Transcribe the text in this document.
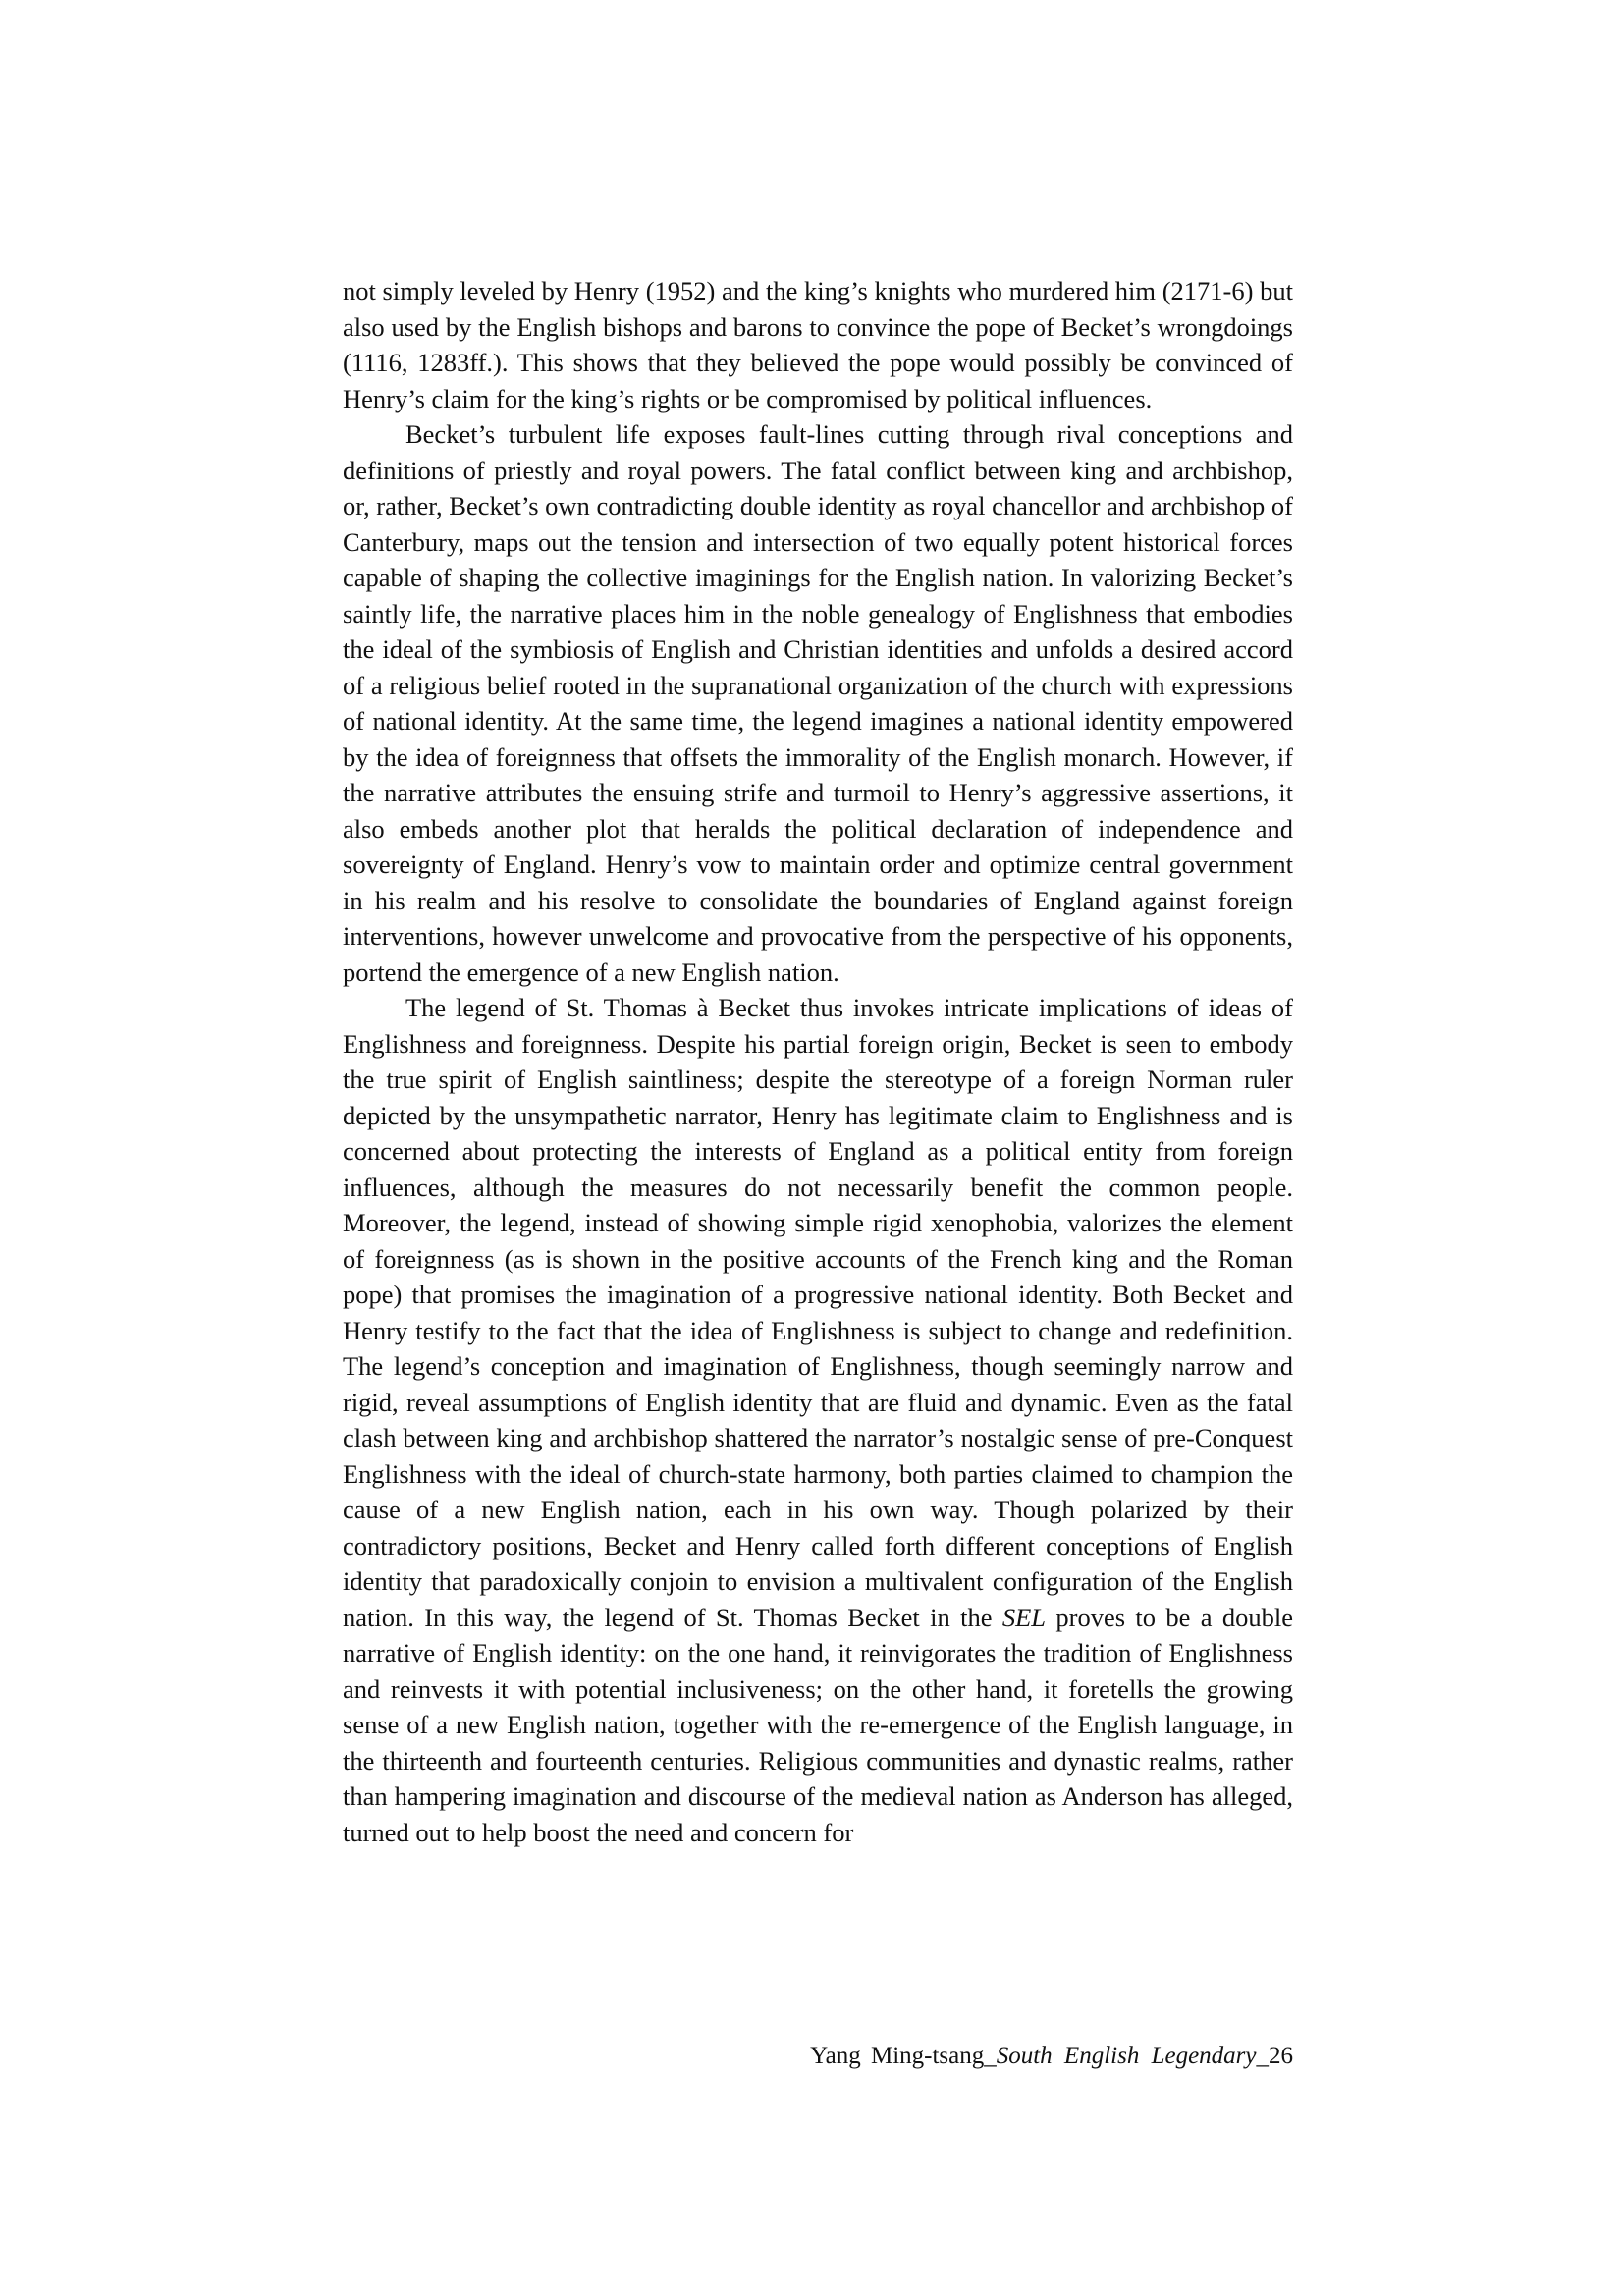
not simply leveled by Henry (1952) and the king’s knights who murdered him (2171-6) but also used by the English bishops and barons to convince the pope of Becket’s wrongdoings (1116, 1283ff.). This shows that they believed the pope would possibly be convinced of Henry’s claim for the king’s rights or be compromised by political influences.

Becket’s turbulent life exposes fault-lines cutting through rival conceptions and definitions of priestly and royal powers. The fatal conflict between king and archbishop, or, rather, Becket’s own contradicting double identity as royal chancellor and archbishop of Canterbury, maps out the tension and intersection of two equally potent historical forces capable of shaping the collective imaginings for the English nation. In valorizing Becket’s saintly life, the narrative places him in the noble genealogy of Englishness that embodies the ideal of the symbiosis of English and Christian identities and unfolds a desired accord of a religious belief rooted in the supranational organization of the church with expressions of national identity. At the same time, the legend imagines a national identity empowered by the idea of foreignness that offsets the immorality of the English monarch. However, if the narrative attributes the ensuing strife and turmoil to Henry’s aggressive assertions, it also embeds another plot that heralds the political declaration of independence and sovereignty of England. Henry’s vow to maintain order and optimize central government in his realm and his resolve to consolidate the boundaries of England against foreign interventions, however unwelcome and provocative from the perspective of his opponents, portend the emergence of a new English nation.

The legend of St. Thomas à Becket thus invokes intricate implications of ideas of Englishness and foreignness. Despite his partial foreign origin, Becket is seen to embody the true spirit of English saintliness; despite the stereotype of a foreign Norman ruler depicted by the unsympathetic narrator, Henry has legitimate claim to Englishness and is concerned about protecting the interests of England as a political entity from foreign influences, although the measures do not necessarily benefit the common people. Moreover, the legend, instead of showing simple rigid xenophobia, valorizes the element of foreignness (as is shown in the positive accounts of the French king and the Roman pope) that promises the imagination of a progressive national identity. Both Becket and Henry testify to the fact that the idea of Englishness is subject to change and redefinition. The legend’s conception and imagination of Englishness, though seemingly narrow and rigid, reveal assumptions of English identity that are fluid and dynamic. Even as the fatal clash between king and archbishop shattered the narrator’s nostalgic sense of pre-Conquest Englishness with the ideal of church-state harmony, both parties claimed to champion the cause of a new English nation, each in his own way. Though polarized by their contradictory positions, Becket and Henry called forth different conceptions of English identity that paradoxically conjoin to envision a multivalent configuration of the English nation. In this way, the legend of St. Thomas Becket in the SEL proves to be a double narrative of English identity: on the one hand, it reinvigorates the tradition of Englishness and reinvests it with potential inclusiveness; on the other hand, it foretells the growing sense of a new English nation, together with the re-emergence of the English language, in the thirteenth and fourteenth centuries. Religious communities and dynastic realms, rather than hampering imagination and discourse of the medieval nation as Anderson has alleged, turned out to help boost the need and concern for

Yang Ming-tsang_South English Legendary_26
